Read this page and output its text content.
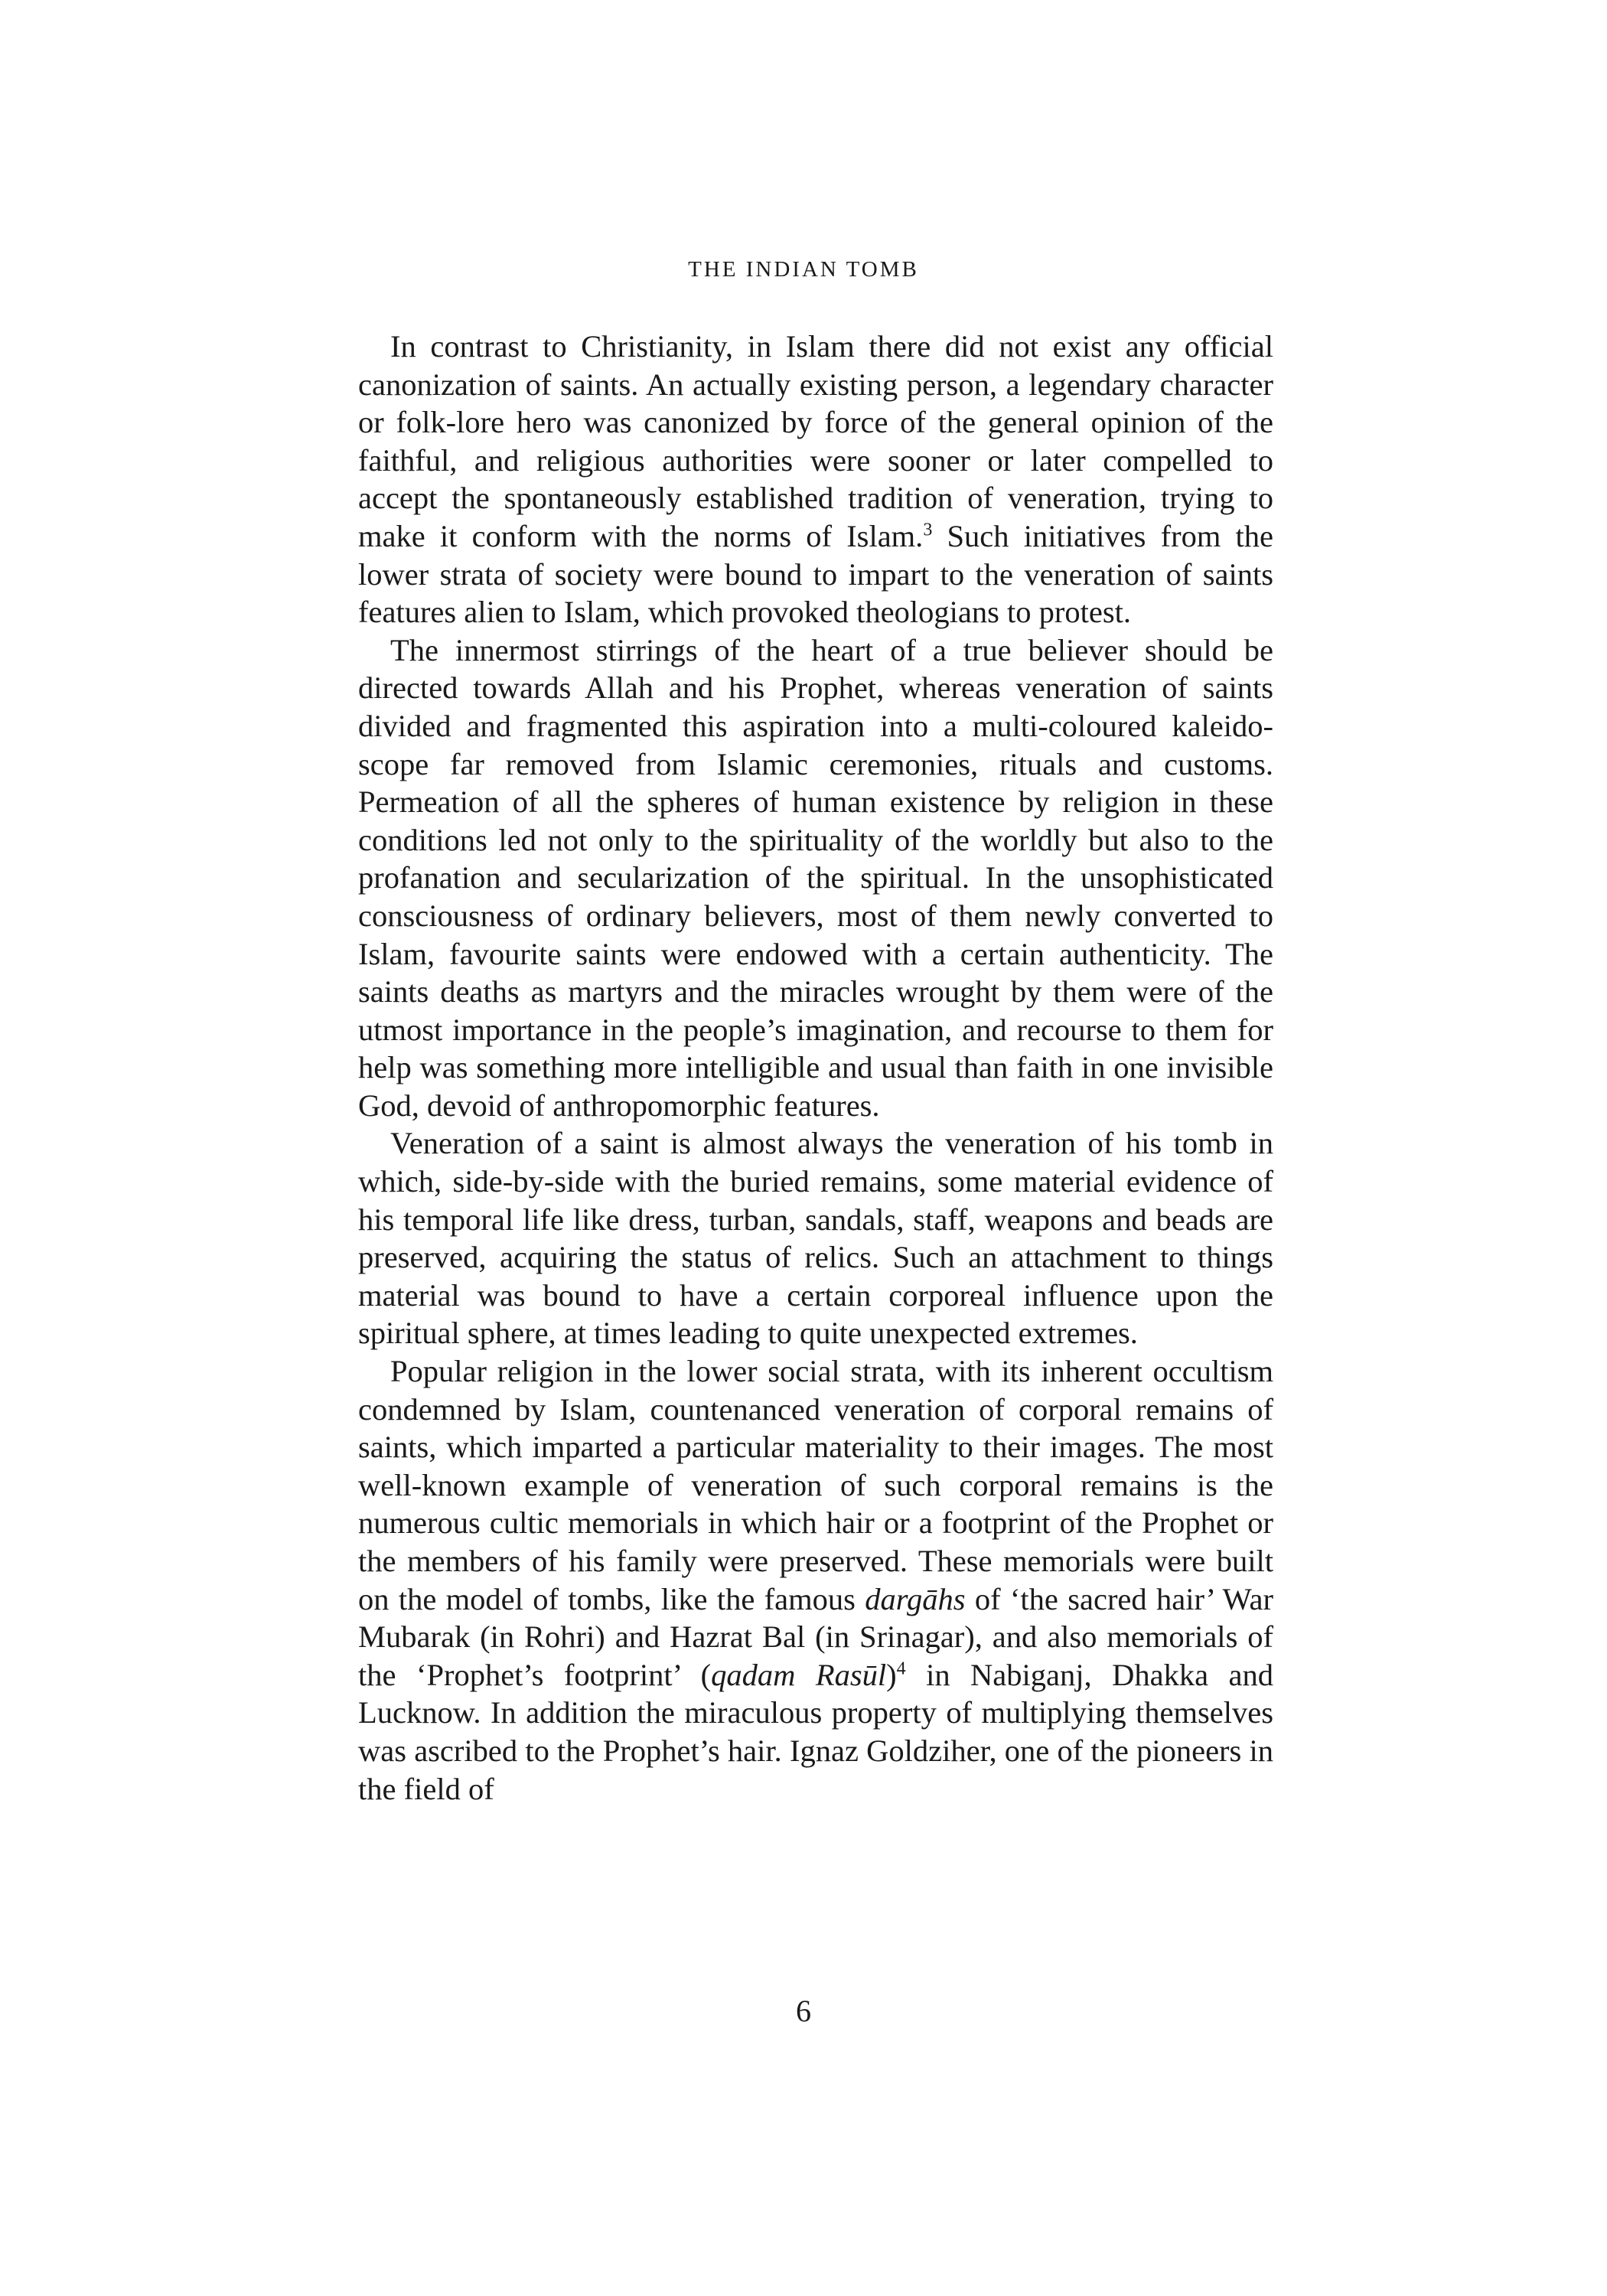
THE INDIAN TOMB

In contrast to Christianity, in Islam there did not exist any official canonization of saints. An actually existing person, a legendary character or folk-lore hero was canonized by force of the general opinion of the faithful, and religious authorities were sooner or later compelled to accept the spontaneously established tradition of veneration, trying to make it conform with the norms of Islam.$^3$ Such initiatives from the lower strata of society were bound to impart to the veneration of saints features alien to Islam, which provoked theologians to protest.

The innermost stirrings of the heart of a true believer should be directed towards Allah and his Prophet, whereas veneration of saints divided and fragmented this aspiration into a multi-coloured kaleidoscope far removed from Islamic ceremonies, rituals and customs. Permeation of all the spheres of human existence by religion in these conditions led not only to the spirituality of the worldly but also to the profanation and secularization of the spiritual. In the unsophisticated consciousness of ordinary believers, most of them newly converted to Islam, favourite saints were endowed with a certain authenticity. The saints deaths as martyrs and the miracles wrought by them were of the utmost importance in the people’s imagination, and recourse to them for help was something more intelligible and usual than faith in one invisible God, devoid of anthropomorphic features.

Veneration of a saint is almost always the veneration of his tomb in which, side-by-side with the buried remains, some material evidence of his temporal life like dress, turban, sandals, staff, weapons and beads are preserved, acquiring the status of relics. Such an attachment to things material was bound to have a certain corporeal influence upon the spiritual sphere, at times leading to quite unexpected extremes.

Popular religion in the lower social strata, with its inherent occultism condemned by Islam, countenanced veneration of corporal remains of saints, which imparted a particular materiality to their images. The most well-known example of veneration of such corporal remains is the numerous cultic memorials in which hair or a footprint of the Prophet or the members of his family were preserved. These memorials were built on the model of tombs, like the famous dargāhs of ‘the sacred hair’ War Mubarak (in Rohri) and Hazrat Bal (in Srinagar), and also memorials of the ‘Prophet’s footprint’ (qadam Rasūl)$^4$ in Nabiganj, Dhakka and Lucknow. In addition the miraculous property of multiplying themselves was ascribed to the Prophet’s hair. Ignaz Goldziher, one of the pioneers in the field of

6
